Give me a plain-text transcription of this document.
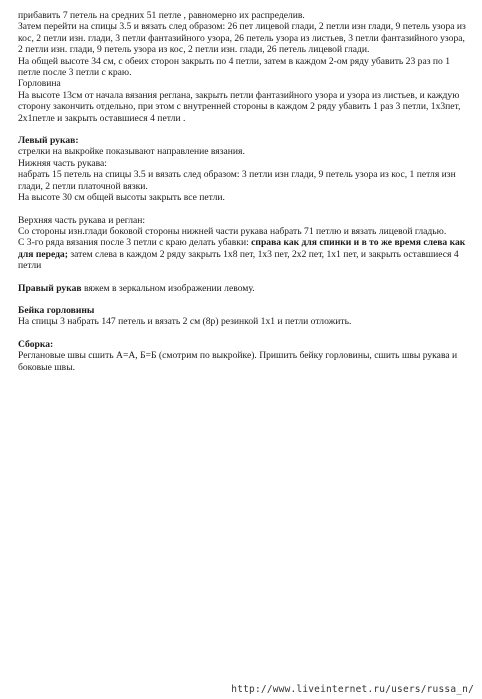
прибавить 7 петель на средних 51 петле , равномерно их распределив.

Затем перейти на спицы 3.5 и вязать след образом: 26 пет лицевой глади, 2 петли изн глади, 9 петель узора из кос, 2 петли изн. глади, 3 петли фантазийного узора, 26 петель узора из листьев, 3 петли фантазийного узора, 2 петли изн. глади, 9 петель узора из кос, 2 петли изн. глади, 26 петель лицевой глади.

На общей высоте 34 см, с обеих сторон закрыть по 4 петли, затем в каждом 2-ом ряду убавить 23 раз по 1 петле после 3 петли с краю.

Горловина

На высоте 13см от начала вязания реглана, закрыть петли фантазийного узора и узора из листьев, и каждую сторону закончить отдельно, при этом с внутренней стороны в каждом 2 ряду убавить 1 раз 3 петли, 1х3пет, 2х1петле и закрыть оставшиеся 4 петли .

Левый рукав:

стрелки на выкройке показывают направление вязания.

Нижняя часть рукава:

набрать 15 петель на спицы 3.5 и вязать след образом: 3 петли изн глади, 9 петель узора из кос, 1 петля изн глади, 2 петли платочной вязки.

На высоте 30 см общей высоты закрыть все петли.

Верхняя часть рукава и реглан:

Со стороны изн.глади боковой стороны нижней части рукава набрать 71 петлю и вязать лицевой гладью.

С 3-го ряда вязания после 3 петли с краю делать убавки: справа как для спинки и в то же время слева как для переда; затем слева в каждом 2 ряду закрыть 1х8 пет, 1х3 пет, 2х2 пет, 1х1 пет, и закрыть оставшиеся 4 петли

Правый рукав вяжем в зеркальном изображении левому.

Бейка горловины

На спицы 3 набрать 147 петель и вязать 2 см (8р) резинкой 1х1 и петли отложить.

Сборка:

Реглановые швы сшить А=А, Б=Б (смотрим по выкройке). Пришить бейку горловины, сшить швы рукава и боковые швы.

http://www.liveinternet.ru/users/russa_n/
